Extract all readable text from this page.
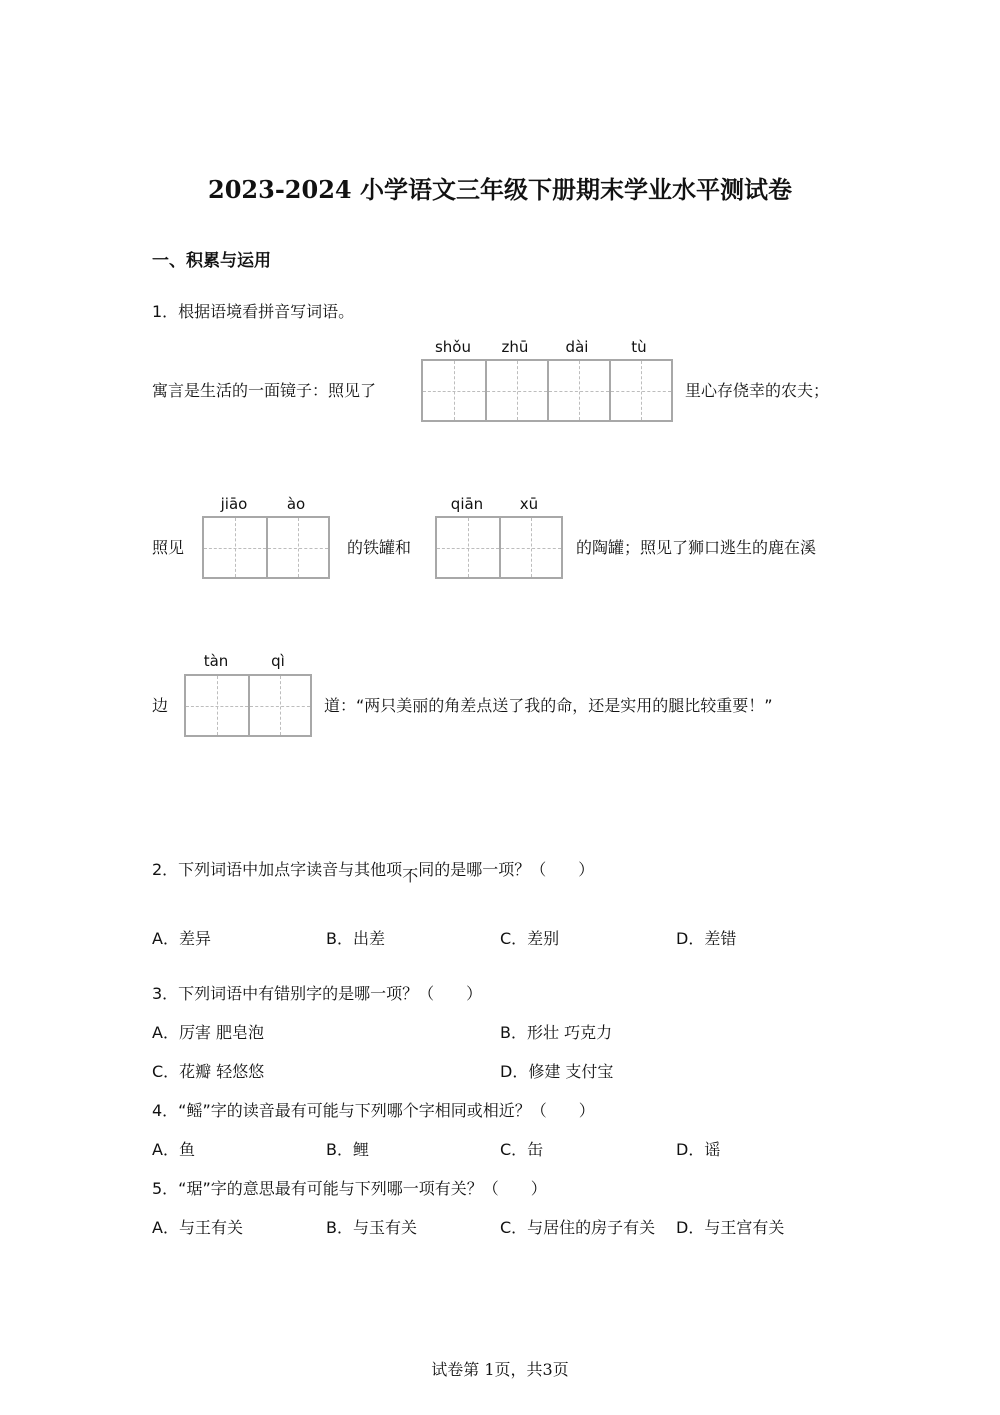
2023-2024 小学语文三年级下册期末学业水平测试卷
一、积累与运用
1．根据语境看拼音写词语。
寓言是生活的一面镜子：照见了
shǒu	zhū	dài	tù
里心存侥幸的农夫；
照见
jiāo	ào
的铁罐和
qiān	xū
的陶罐；照见了狮口逃生的鹿在溪
边
tàn	qì
道：“两只美丽的角差点送了我的命，还是实用的腿比较重要！”
2．下列词语中加点字读音与其他项不同的是哪一项？（　　）
A．差异	B．出差	C．差别	D．差错
3．下列词语中有错别字的是哪一项？（　　）
A．厉害 肥皂泡	B．形壮 巧克力
C．花瓣 轻悠悠	D．修建 支付宝
4．“鳐”字的读音最有可能与下列哪个字相同或相近？（　　）
A．鱼	B．鲤	C．缶	D．谣
5．“琚”字的意思最有可能与下列哪一项有关？（　　）
A．与王有关	B．与玉有关	C．与居住的房子有关 D．与王宫有关
试卷第 1页，共3页
